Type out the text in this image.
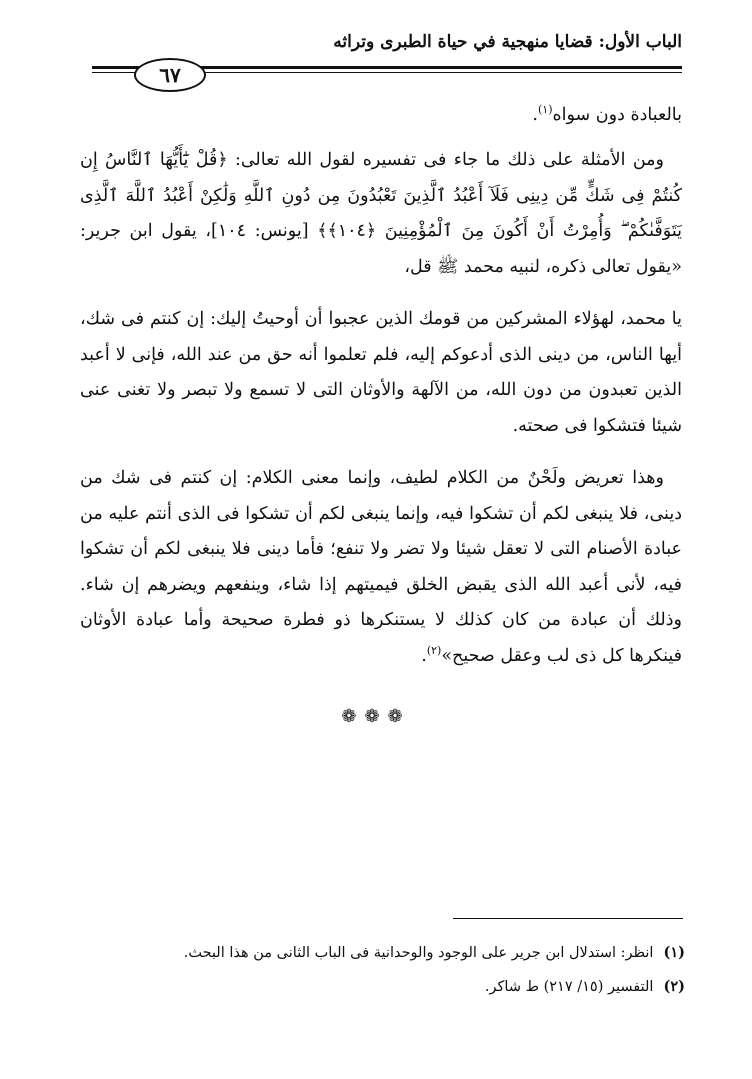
الباب الأول: قضايا منهجية في حياة الطبرى وتراثه
٦٧

بالعبادة دون سواه$^{(١)}$.

ومن الأمثلة على ذلك ما جاء فى تفسيره لقول الله تعالى: ﴿قُلْ يَٰٓأَيُّهَا ٱلنَّاسُ إِن كُنتُمْ فِى شَكٍّ مِّن دِينِى فَلَآ أَعْبُدُ ٱلَّذِينَ تَعْبُدُونَ مِن دُونِ ٱللَّهِ وَلَٰكِنْ أَعْبُدُ ٱللَّهَ ٱلَّذِى يَتَوَفَّىٰكُمْ ۖ وَأُمِرْتُ أَنْ أَكُونَ مِنَ ٱلْمُؤْمِنِينَ ﴿١٠٤﴾﴾ [يونس: ١٠٤]، يقول ابن جرير: «يقول تعالى ذكره، لنبيه محمد ﷺ قل،

يا محمد، لهؤلاء المشركين من قومك الذين عجبوا أن أوحيتُ إليك: إن كنتم فى شك، أيها الناس، من دينى الذى أدعوكم إليه، فلم تعلموا أنه حق من عند الله، فإنى لا أعبد الذين تعبدون من دون الله، من الآلهة والأوثان التى لا تسمع ولا تبصر ولا تغنى عنى شيئا فتشكوا فى صحته.

وهذا تعريض ولَحْنٌ من الكلام لطيف، وإنما معنى الكلام: إن كنتم فى شك من دينى، فلا ينبغى لكم أن تشكوا فيه، وإنما ينبغى لكم أن تشكوا فى الذى أنتم عليه من عبادة الأصنام التى لا تعقل شيئا ولا تضر ولا تنفع؛ فأما دينى فلا ينبغى لكم أن تشكوا فيه، لأنى أعبد الله الذى يقبض الخلق فيميتهم إذا شاء، وينفعهم ويضرهم إن شاء. وذلك أن عبادة من كان كذلك لا يستنكرها ذو فطرة صحيحة وأما عبادة الأوثان فينكرها كل ذى لب وعقل صحيح»$^{(٢)}$.

❁❁❁
(١)انظر: استدلال ابن جرير على الوجود والوحدانية فى الباب الثانى من هذا البحث.
(٢)التفسير (١٥/ ٢١٧) ط شاكر.
